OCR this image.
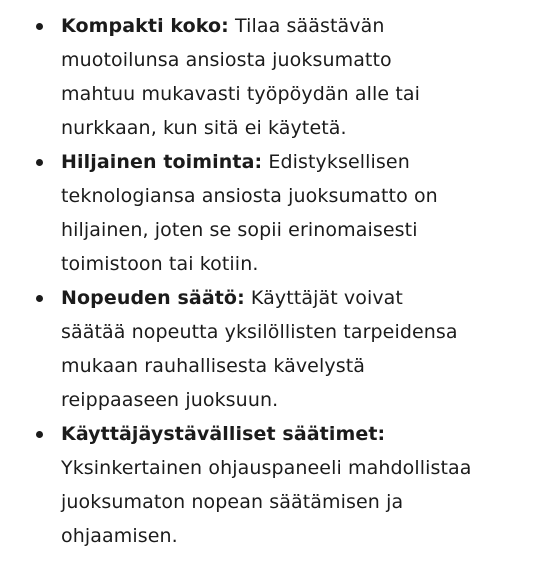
Kompakti koko: Tilaa säästävän muotoilunsa ansiosta juoksumatto mahtuu mukavasti työpöydän alle tai nurkkaan, kun sitä ei käytetä.
Hiljainen toiminta: Edistyksellisen teknologiansa ansiosta juoksumatto on hiljainen, joten se sopii erinomaisesti toimistoon tai kotiin.
Nopeuden säätö: Käyttäjät voivat säätää nopeutta yksilöllisten tarpeidensa mukaan rauhallisesta kävelystä reippaaseen juoksuun.
Käyttäjäystävälliset säätimet: Yksinkertainen ohjauspaneeli mahdollistaa juoksumaton nopean säätämisen ja ohjaamisen.
